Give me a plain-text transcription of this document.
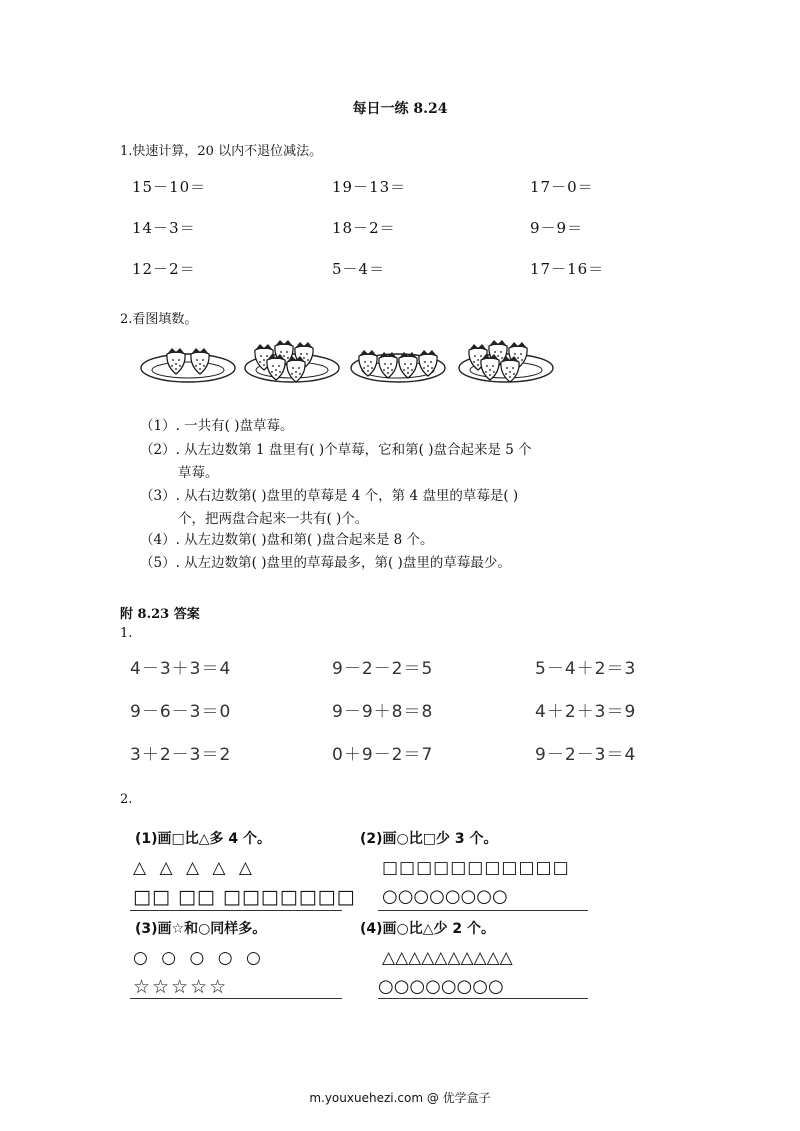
每日一练 8.24
1.快速计算，20 以内不退位减法。
15－10＝	19－13＝	17－0＝
14－3＝	18－2＝	9－9＝
12－2＝	5－4＝	17－16＝
2.看图填数。
（1）. 一共有( )盘草莓。
（2）. 从左边数第 1 盘里有( )个草莓，它和第( )盘合起来是 5 个
草莓。
（3）. 从右边数第( )盘里的草莓是 4 个，第 4 盘里的草莓是( )
个，把两盘合起来一共有( )个。
（4）. 从左边数第( )盘和第( )盘合起来是 8 个。
（5）. 从左边数第( )盘里的草莓最多，第( )盘里的草莓最少。
附 8.23 答案
1.
4－3＋3＝4	9－2－2＝5	5－4＋2＝3
9－6－3＝0	9－9＋8＝8	4＋2＋3＝9
3＋2－3＝2	0＋9－2＝7	9－2－3＝4
2.
(1)画□比△多 4 个。
△ △ △ △ △
□□ □□ □□□□□□□
(2)画○比□少 3 个。
□□□□□□□□□□□
○○○○○○○○
(3)画☆和○同样多。
○ ○ ○ ○ ○
☆☆☆☆☆
(4)画○比△少 2 个。
△△△△△△△△△△
○○○○○○○○
m.youxuehezi.com @ 优学盒子
